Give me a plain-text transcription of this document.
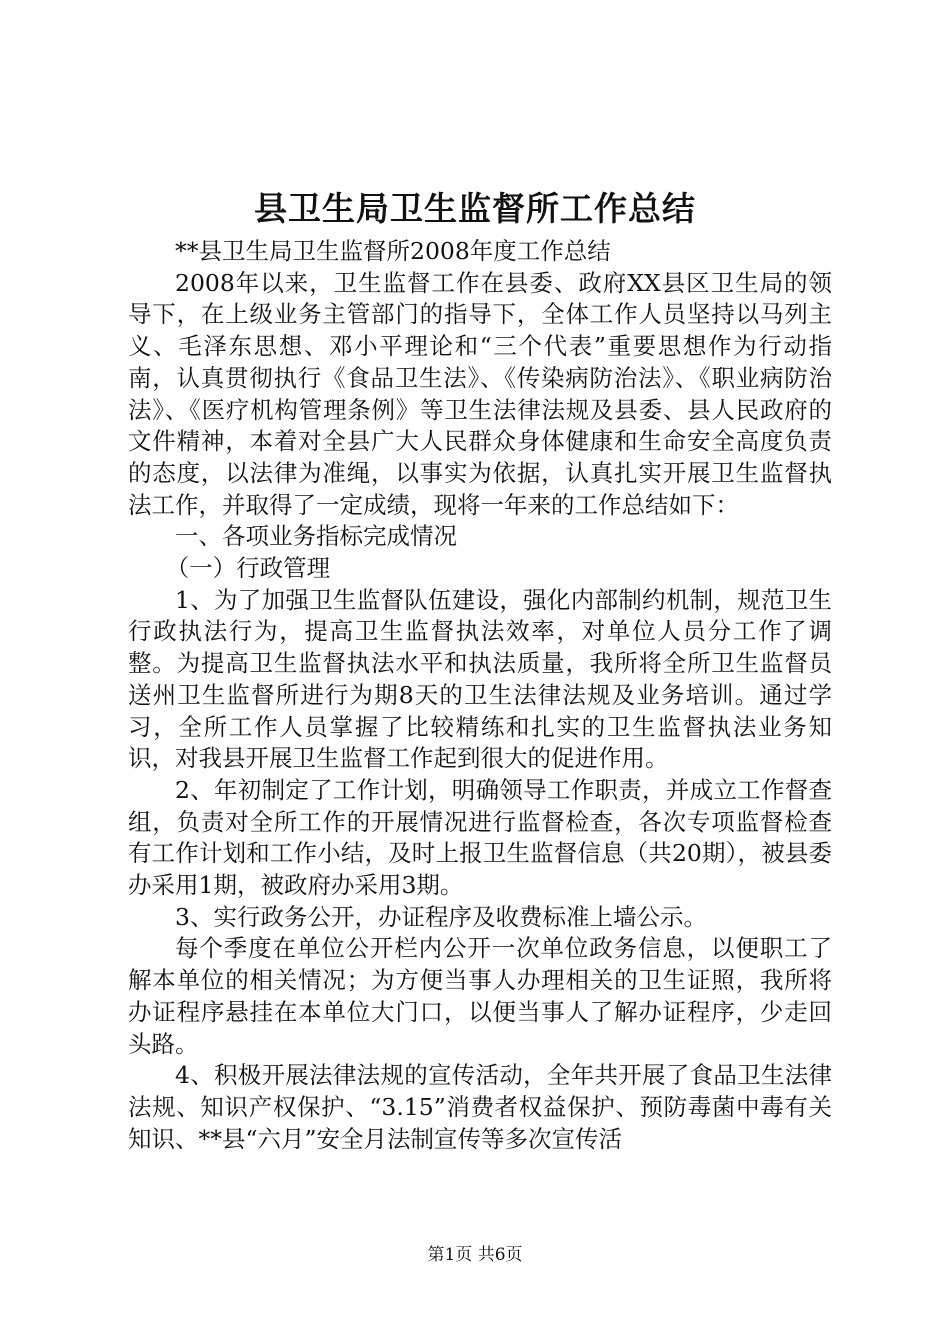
县卫生局卫生监督所工作总结

**县卫生局卫生监督所2008年度工作总结

2008年以来，卫生监督工作在县委、政府XX县区卫生局的领导下，在上级业务主管部门的指导下，全体工作人员坚持以马列主义、毛泽东思想、邓小平理论和“三个代表”重要思想作为行动指南，认真贯彻执行《食品卫生法》、《传染病防治法》、《职业病防治法》、《医疗机构管理条例》等卫生法律法规及县委、县人民政府的文件精神，本着对全县广大人民群众身体健康和生命安全高度负责的态度，以法律为准绳，以事实为依据，认真扎实开展卫生监督执法工作，并取得了一定成绩，现将一年来的工作总结如下：

一、各项业务指标完成情况

（一）行政管理

1、为了加强卫生监督队伍建设，强化内部制约机制，规范卫生行政执法行为，提高卫生监督执法效率，对单位人员分工作了调整。为提高卫生监督执法水平和执法质量，我所将全所卫生监督员送州卫生监督所进行为期8天的卫生法律法规及业务培训。通过学习，全所工作人员掌握了比较精练和扎实的卫生监督执法业务知识，对我县开展卫生监督工作起到很大的促进作用。

2、年初制定了工作计划，明确领导工作职责，并成立工作督查组，负责对全所工作的开展情况进行监督检查，各次专项监督检查有工作计划和工作小结，及时上报卫生监督信息（共20期），被县委办采用1期，被政府办采用3期。

3、实行政务公开，办证程序及收费标准上墙公示。

每个季度在单位公开栏内公开一次单位政务信息，以便职工了解本单位的相关情况；为方便当事人办理相关的卫生证照，我所将办证程序悬挂在本单位大门口，以便当事人了解办证程序，少走回头路。

4、积极开展法律法规的宣传活动，全年共开展了食品卫生法律法规、知识产权保护、“3.15”消费者权益保护、预防毒菌中毒有关知识、**县“六月”安全月法制宣传等多次宣传活

第1页 共6页
